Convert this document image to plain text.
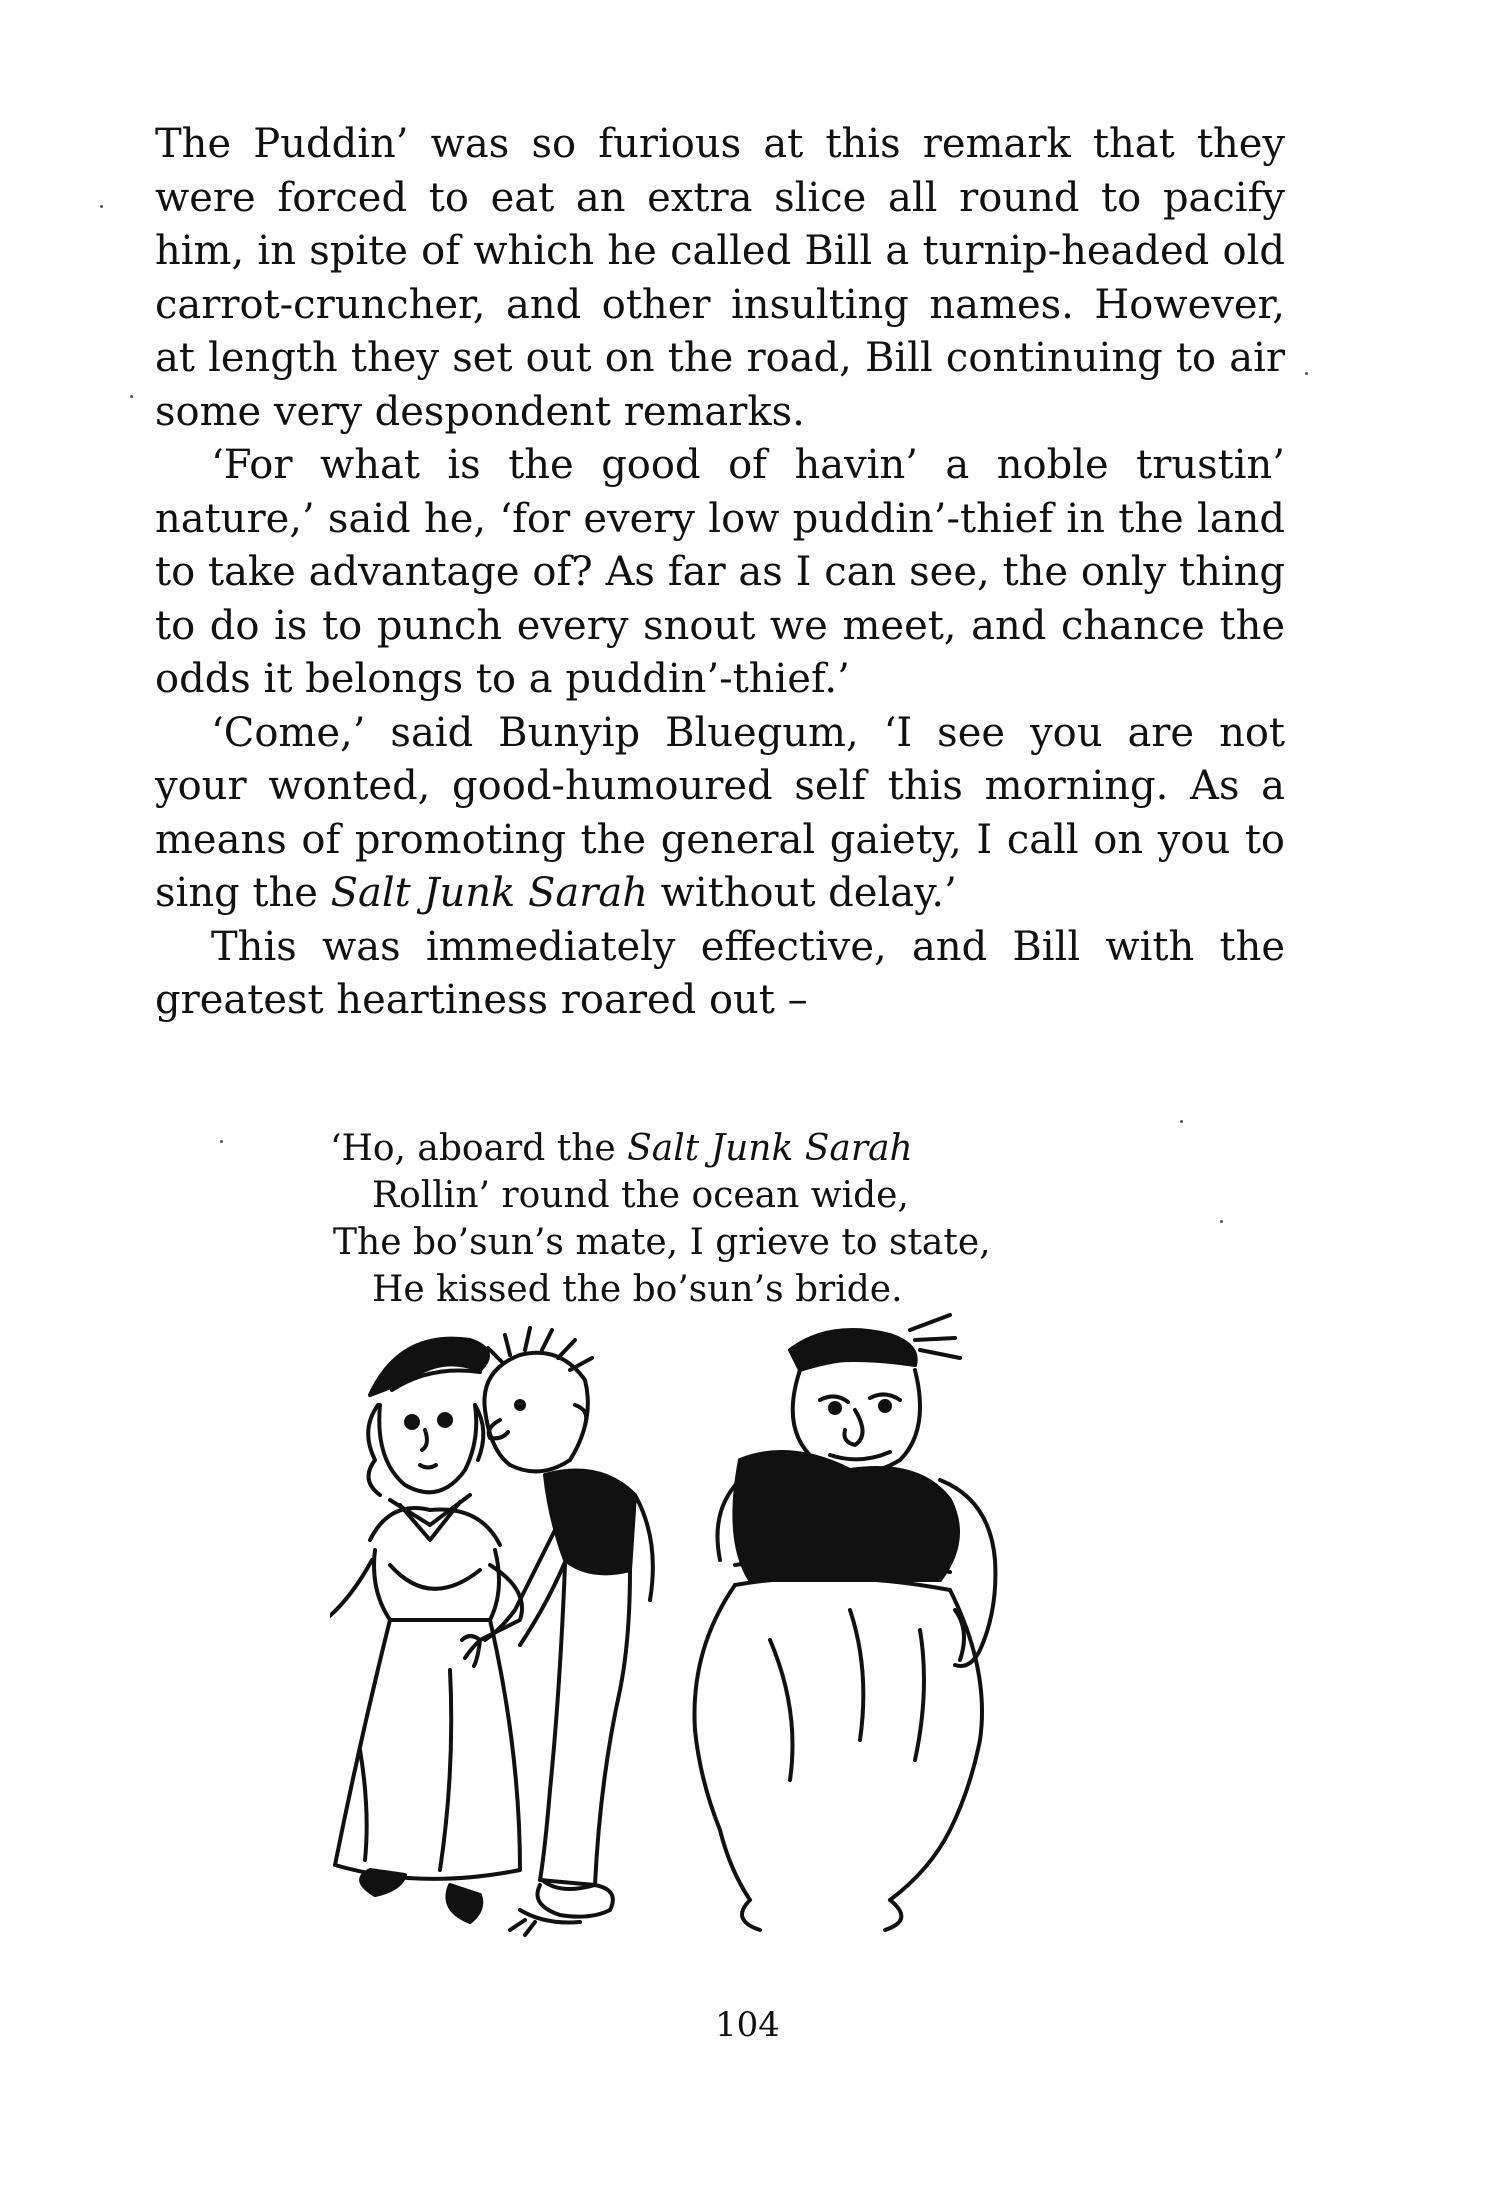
The Puddin’ was so furious at this remark that they were forced to eat an extra slice all round to pacify him, in spite of which he called Bill a turnip-headed old carrot-cruncher, and other insulting names. However, at length they set out on the road, Bill continuing to air some very despondent remarks.

‘For what is the good of havin’ a noble trustin’ nature,’ said he, ‘for every low puddin’-thief in the land to take advantage of? As far as I can see, the only thing to do is to punch every snout we meet, and chance the odds it belongs to a puddin’-thief.’

‘Come,’ said Bunyip Bluegum, ‘I see you are not your wonted, good-humoured self this morning. As a means of promoting the general gaiety, I call on you to sing the Salt Junk Sarah without delay.’

This was immediately effective, and Bill with the greatest heartiness roared out –

‘Ho, aboard the Salt Junk Sarah
Rollin’ round the ocean wide,
The bo’sun’s mate, I grieve to state,
He kissed the bo’sun’s bride.
104
